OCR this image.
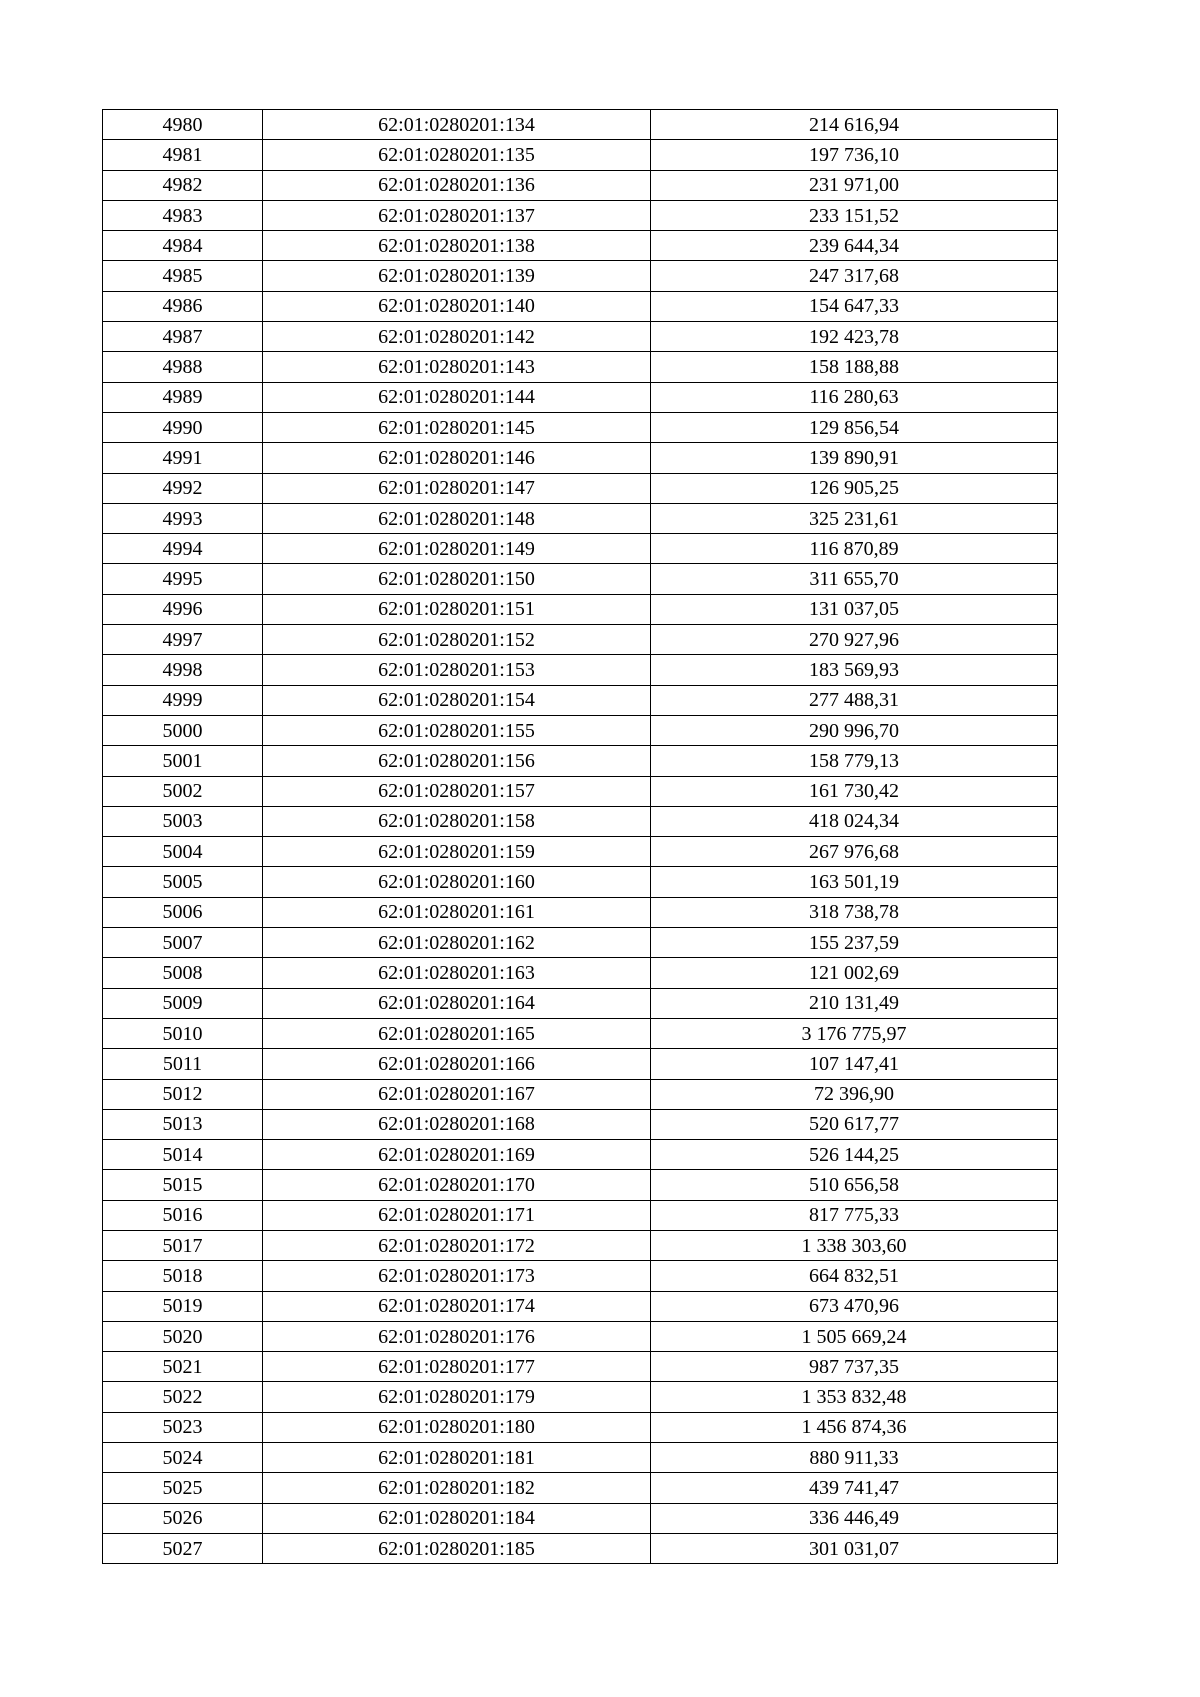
4980	62:01:0280201:134	214 616,94
4981	62:01:0280201:135	197 736,10
4982	62:01:0280201:136	231 971,00
4983	62:01:0280201:137	233 151,52
4984	62:01:0280201:138	239 644,34
4985	62:01:0280201:139	247 317,68
4986	62:01:0280201:140	154 647,33
4987	62:01:0280201:142	192 423,78
4988	62:01:0280201:143	158 188,88
4989	62:01:0280201:144	116 280,63
4990	62:01:0280201:145	129 856,54
4991	62:01:0280201:146	139 890,91
4992	62:01:0280201:147	126 905,25
4993	62:01:0280201:148	325 231,61
4994	62:01:0280201:149	116 870,89
4995	62:01:0280201:150	311 655,70
4996	62:01:0280201:151	131 037,05
4997	62:01:0280201:152	270 927,96
4998	62:01:0280201:153	183 569,93
4999	62:01:0280201:154	277 488,31
5000	62:01:0280201:155	290 996,70
5001	62:01:0280201:156	158 779,13
5002	62:01:0280201:157	161 730,42
5003	62:01:0280201:158	418 024,34
5004	62:01:0280201:159	267 976,68
5005	62:01:0280201:160	163 501,19
5006	62:01:0280201:161	318 738,78
5007	62:01:0280201:162	155 237,59
5008	62:01:0280201:163	121 002,69
5009	62:01:0280201:164	210 131,49
5010	62:01:0280201:165	3 176 775,97
5011	62:01:0280201:166	107 147,41
5012	62:01:0280201:167	72 396,90
5013	62:01:0280201:168	520 617,77
5014	62:01:0280201:169	526 144,25
5015	62:01:0280201:170	510 656,58
5016	62:01:0280201:171	817 775,33
5017	62:01:0280201:172	1 338 303,60
5018	62:01:0280201:173	664 832,51
5019	62:01:0280201:174	673 470,96
5020	62:01:0280201:176	1 505 669,24
5021	62:01:0280201:177	987 737,35
5022	62:01:0280201:179	1 353 832,48
5023	62:01:0280201:180	1 456 874,36
5024	62:01:0280201:181	880 911,33
5025	62:01:0280201:182	439 741,47
5026	62:01:0280201:184	336 446,49
5027	62:01:0280201:185	301 031,07
